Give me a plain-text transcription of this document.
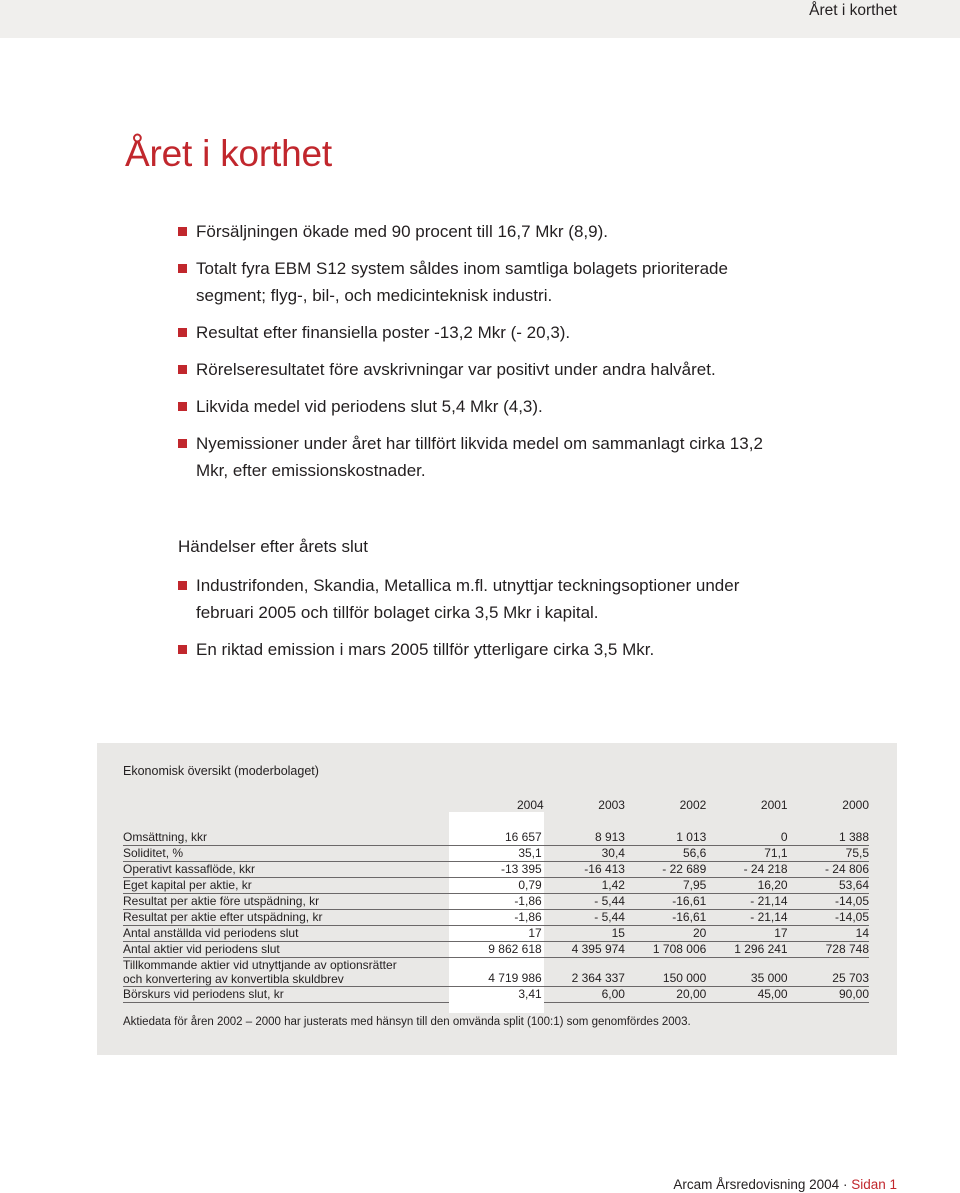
Året i korthet
Året i korthet
Försäljningen ökade med 90 procent till 16,7 Mkr (8,9).
Totalt fyra EBM S12 system såldes inom samtliga bolagets prioriterade segment; flyg-, bil-, och medicinteknisk industri.
Resultat efter finansiella poster -13,2 Mkr (- 20,3).
Rörelseresultatet före avskrivningar var positivt under andra halvåret.
Likvida medel vid periodens slut 5,4 Mkr (4,3).
Nyemissioner under året har tillfört likvida medel om sammanlagt cirka 13,2 Mkr, efter emissionskostnader.
Händelser efter årets slut
Industrifonden, Skandia, Metallica m.fl. utnyttjar teckningsoptioner under februari 2005 och tillför bolaget cirka 3,5 Mkr i kapital.
En riktad emission i mars 2005 tillför ytterligare cirka 3,5 Mkr.
Ekonomisk översikt (moderbolaget)
	2004	2003	2002	2001	2000

Omsättning, kkr	16 657	8 913	1 013	0	1 388
Soliditet, %	35,1	30,4	56,6	71,1	75,5
Operativt kassaflöde, kkr	-13 395	-16 413	- 22 689	- 24 218	- 24 806
Eget kapital per aktie, kr	0,79	1,42	7,95	16,20	53,64
Resultat per aktie före utspädning, kr	-1,86	- 5,44	-16,61	- 21,14	-14,05
Resultat per aktie efter utspädning, kr	-1,86	- 5,44	-16,61	- 21,14	-14,05
Antal anställda vid periodens slut	17	15	20	17	14
Antal aktier vid periodens slut	9 862 618	4 395 974	1 708 006	1 296 241	728 748
Tillkommande aktier vid utnyttjande av optionsrätter
och konvertering av konvertibla skuldbrev	4 719 986	2 364 337	150 000	35 000	25 703
Börskurs vid periodens slut, kr	3,41	6,00	20,00	45,00	90,00

Aktiedata för åren 2002 – 2000 har justerats med hänsyn till den omvända split (100:1) som genomfördes 2003.
Arcam Årsredovisning 2004 · Sidan 1
